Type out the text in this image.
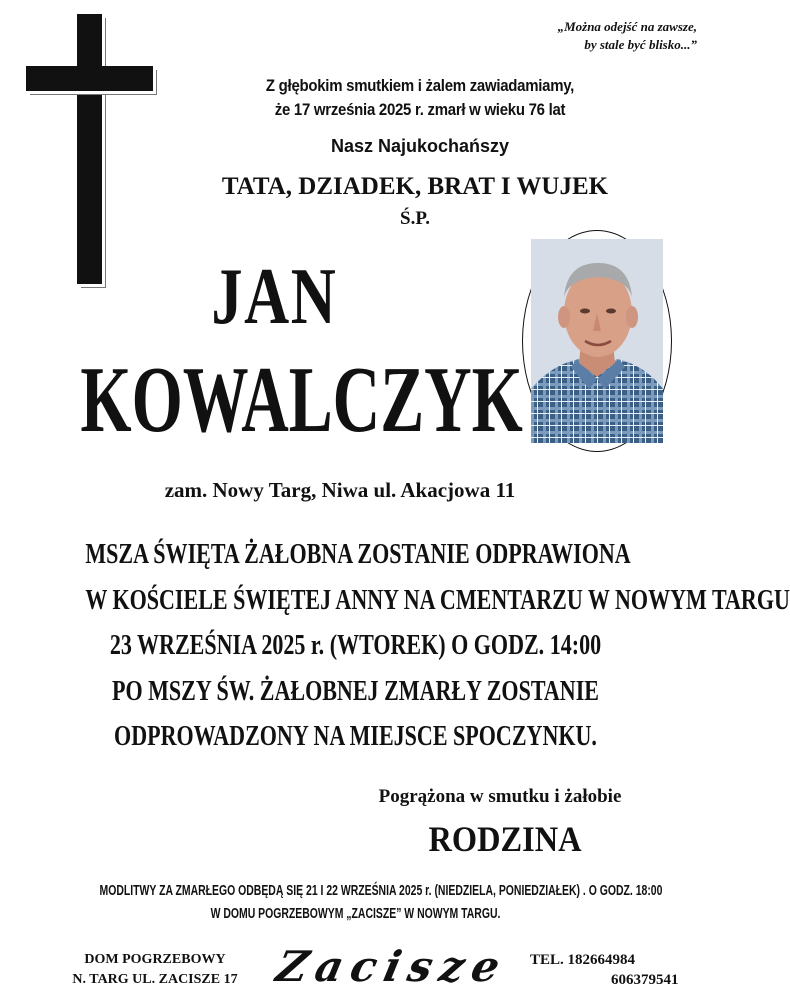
„Można odejść na zawsze,
by stale być blisko...”
Z głębokim smutkiem i żalem zawiadamiamy,
że 17 września 2025 r. zmarł w wieku 76 lat
Nasz Najukochańszy
TATA, DZIADEK, BRAT I WUJEK
Ś.P.
JAN
KOWALCZYK
zam. Nowy Targ, Niwa ul. Akacjowa 11
MSZA ŚWIĘTA ŻAŁOBNA ZOSTANIE ODPRAWIONA
W KOŚCIELE ŚWIĘTEJ ANNY NA CMENTARZU W NOWYM TARGU
23 WRZEŚNIA 2025 r. (WTOREK) O GODZ. 14:00
PO MSZY ŚW. ŻAŁOBNEJ ZMARŁY ZOSTANIE
ODPROWADZONY NA MIEJSCE SPOCZYNKU.
Pogrążona w smutku i żałobie
RODZINA
MODLITWY ZA ZMARŁEGO ODBĘDĄ SIĘ 21 I 22 WRZEŚNIA 2025 r. (NIEDZIELA, PONIEDZIAŁEK) . O GODZ. 18:00
W DOMU POGRZEBOWYM „ZACISZE” W NOWYM TARGU.
DOM POGRZEBOWY
N. TARG UL. ZACISZE 17 Zacisze	TEL. 182664984
606379541
